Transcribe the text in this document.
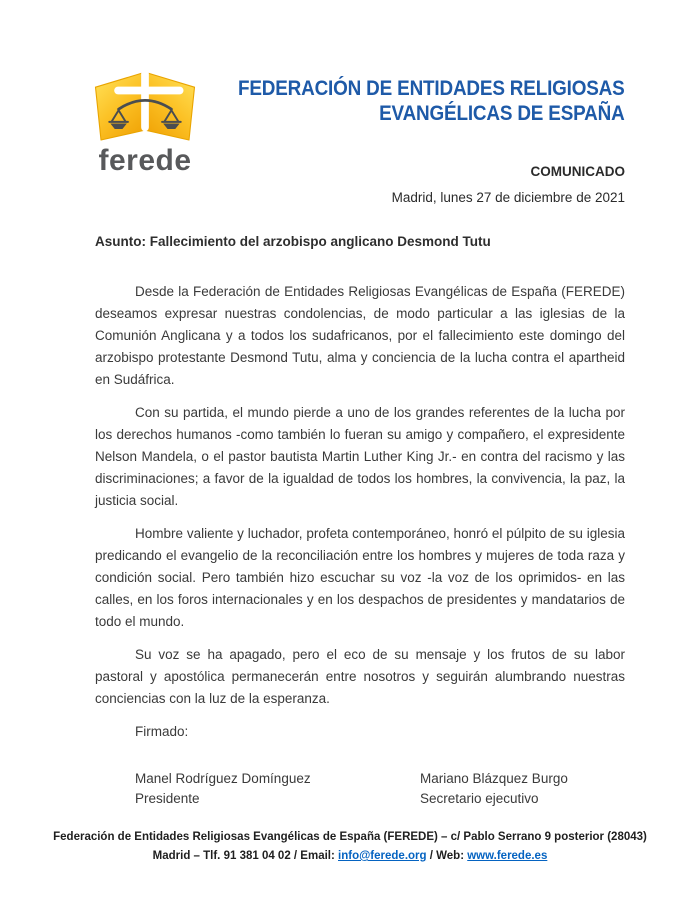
ferede
FEDERACIÓN DE ENTIDADES RELIGIOSAS
EVANGÉLICAS DE ESPAÑA
COMUNICADO
Madrid, lunes 27 de diciembre de 2021
Asunto: Fallecimiento del arzobispo anglicano Desmond Tutu

Desde la Federación de Entidades Religiosas Evangélicas de España (FEREDE) deseamos expresar nuestras condolencias, de modo particular a las iglesias de la Comunión Anglicana y a todos los sudafricanos, por el fallecimiento este domingo del arzobispo protestante Desmond Tutu, alma y conciencia de la lucha contra el apartheid en Sudáfrica.

Con su partida, el mundo pierde a uno de los grandes referentes de la lucha por los derechos humanos -como también lo fueran su amigo y compañero, el expresidente Nelson Mandela, o el pastor bautista Martin Luther King Jr.- en contra del racismo y las discriminaciones; a favor de la igualdad de todos los hombres, la convivencia, la paz, la justicia social.

Hombre valiente y luchador, profeta contemporáneo, honró el púlpito de su iglesia predicando el evangelio de la reconciliación entre los hombres y mujeres de toda raza y condición social. Pero también hizo escuchar su voz -la voz de los oprimidos- en las calles, en los foros internacionales y en los despachos de presidentes y mandatarios de todo el mundo.

Su voz se ha apagado, pero el eco de su mensaje y los frutos de su labor pastoral y apostólica permanecerán entre nosotros y seguirán alumbrando nuestras conciencias con la luz de la esperanza.

Firmado:

Manel Rodríguez Domínguez
Presidente
Mariano Blázquez Burgo
Secretario ejecutivo
Federación de Entidades Religiosas Evangélicas de España (FEREDE) – c/ Pablo Serrano 9 posterior (28043)
Madrid – Tlf. 91 381 04 02 / Email: info@ferede.org / Web: www.ferede.es
